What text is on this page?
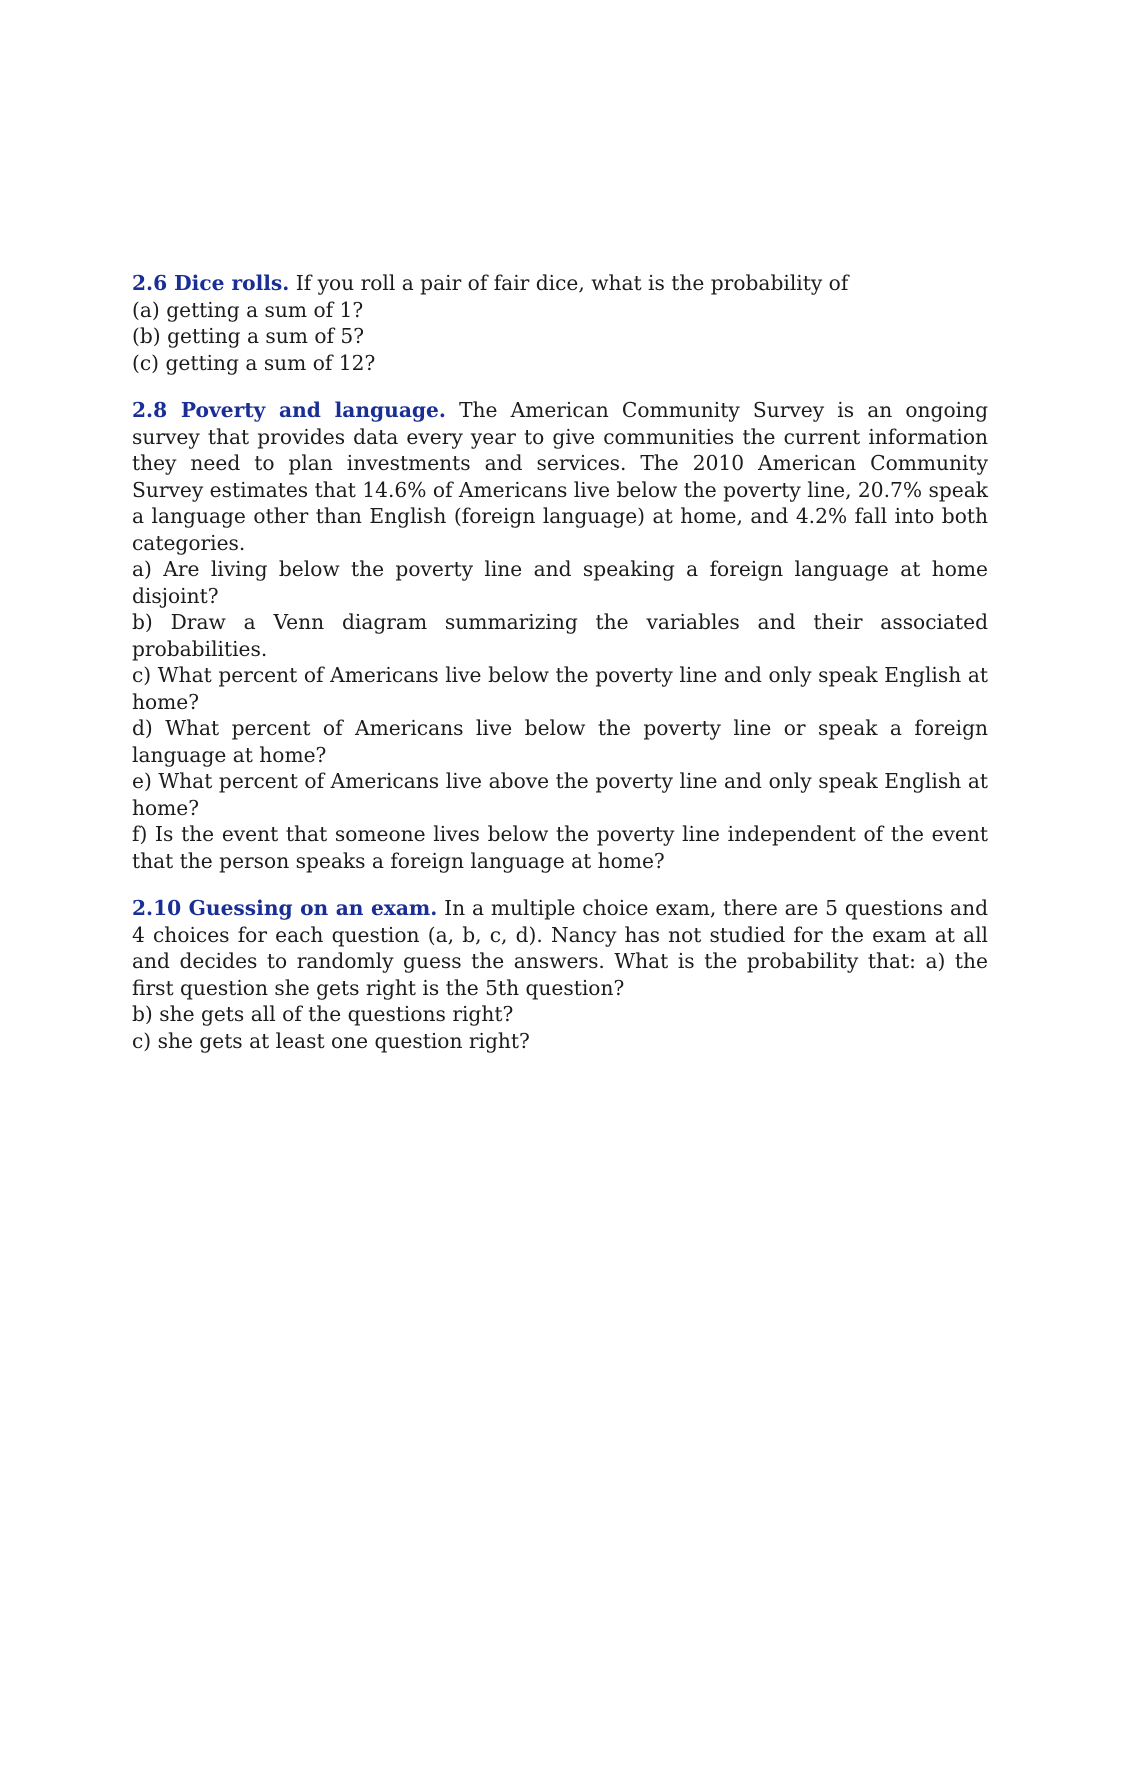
2.6 Dice rolls. If you roll a pair of fair dice, what is the probability of

(a) getting a sum of 1?

(b) getting a sum of 5?

(c) getting a sum of 12?

2.8 Poverty and language. The American Community Survey is an ongoing survey that provides data every year to give communities the current information they need to plan investments and services. The 2010 American Community Survey estimates that 14.6% of Americans live below the poverty line, 20.7% speak a language other than English (foreign language) at home, and 4.2% fall into both categories.

a) Are living below the poverty line and speaking a foreign language at home disjoint?

b) Draw a Venn diagram summarizing the variables and their associated probabilities.

c) What percent of Americans live below the poverty line and only speak English at home?

d) What percent of Americans live below the poverty line or speak a foreign language at home?

e) What percent of Americans live above the poverty line and only speak English at home?

f) Is the event that someone lives below the poverty line independent of the event that the person speaks a foreign language at home?

2.10 Guessing on an exam. In a multiple choice exam, there are 5 questions and 4 choices for each question (a, b, c, d). Nancy has not studied for the exam at all and decides to randomly guess the answers. What is the probability that: a) the first question she gets right is the 5th question?

b) she gets all of the questions right?

c) she gets at least one question right?
